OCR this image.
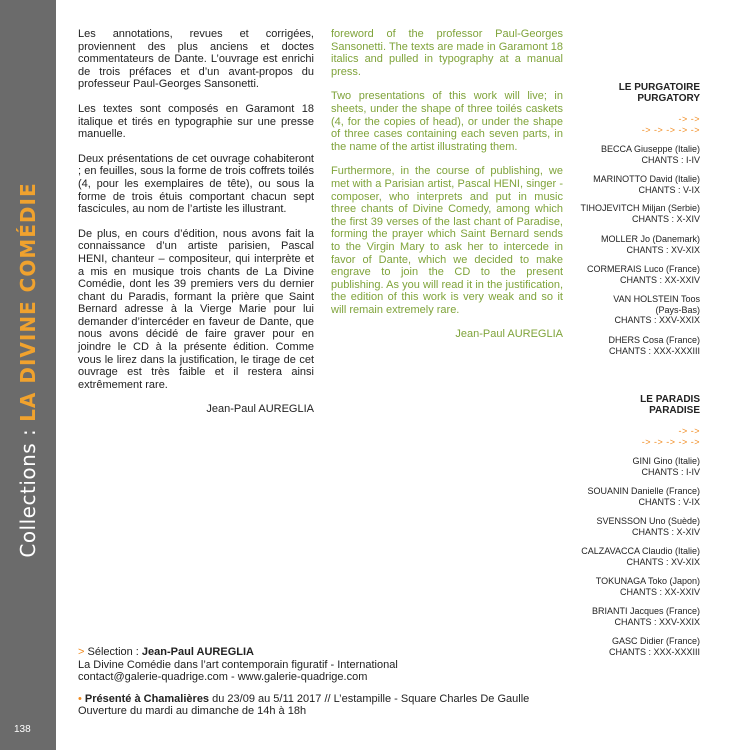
Collections : LA DIVINE COMÉDIE
138

Les annotations, revues et corrigées, proviennent des plus anciens et doctes commentateurs de Dante. L’ouvrage est enrichi de trois préfaces et d’un avant-propos du professeur Paul-Georges Sansonetti.

Les textes sont composés en Garamont 18 italique et tirés en typographie sur une presse manuelle.

Deux présentations de cet ouvrage cohabiteront ; en feuilles, sous la forme de trois coffrets toilés (4, pour les exemplaires de tête), ou sous la forme de trois étuis comportant chacun sept fascicules, au nom de l’artiste les illustrant.

De plus, en cours d’édition, nous avons fait la connaissance d’un artiste parisien, Pascal HENI, chanteur – compositeur, qui interprète et a mis en musique trois chants de La Divine Comédie, dont les 39 premiers vers du dernier chant du Paradis, formant la prière que Saint Bernard adresse à la Vierge Marie pour lui demander d’intercéder en faveur de Dante, que nous avons décidé de faire graver pour en joindre le CD à la présente édition. Comme vous le lirez dans la justification, le tirage de cet ouvrage est très faible et il restera ainsi extrêmement rare.

Jean-Paul AUREGLIA

foreword of the professor Paul-Georges Sansonetti. The texts are made in Garamont 18 italics and pulled in typography at a manual press.

Two presentations of this work will live; in sheets, under the shape of three toilés caskets (4, for the copies of head), or under the shape of three cases containing each seven parts, in the name of the artist illustrating them.

Furthermore, in the course of publishing, we met with a Parisian artist, Pascal HENI, singer - composer, who interprets and put in music three chants of Divine Comedy, among which the first 39 verses of the last chant of Paradise, forming the prayer which Saint Bernard sends to the Virgin Mary to ask her to intercede in favor of Dante, which we decided to make engrave to join the CD to the present publishing. As you will read it in the justification, the edition of this work is very weak and so it will remain extremely rare.

Jean-Paul AUREGLIA
LE PURGATOIRE
PURGATORY
-> ->
-> -> -> -> ->
BECCA Giuseppe (Italie)
CHANTS : I-IV
MARINOTTO David (Italie)
CHANTS : V-IX
TIHOJEVITCH Miljan (Serbie)
CHANTS : X-XIV
MOLLER Jo (Danemark)
CHANTS : XV-XIX
CORMERAIS Luco (France)
CHANTS : XX-XXIV
VAN HOLSTEIN Toos
(Pays-Bas)
CHANTS : XXV-XXIX
DHERS Cosa (France)
CHANTS : XXX-XXXIII
LE PARADIS
PARADISE
-> ->
-> -> -> -> ->
GINI Gino (Italie)
CHANTS : I-IV
SOUANIN Danielle (France)
CHANTS : V-IX
SVENSSON Uno (Suède)
CHANTS : X-XIV
CALZAVACCA Claudio (Italie)
CHANTS : XV-XIX
TOKUNAGA Toko (Japon)
CHANTS : XX-XXIV
BRIANTI Jacques (France)
CHANTS : XXV-XXIX
GASC Didier (France)
CHANTS : XXX-XXXIII
> Sélection : Jean-Paul AUREGLIA
La Divine Comédie dans l’art contemporain figuratif - International
contact@galerie-quadrige.com - www.galerie-quadrige.com
• Présenté à Chamalières du 23/09 au 5/11 2017 // L’estampille - Square Charles De Gaulle
Ouverture du mardi au dimanche de 14h à 18h
